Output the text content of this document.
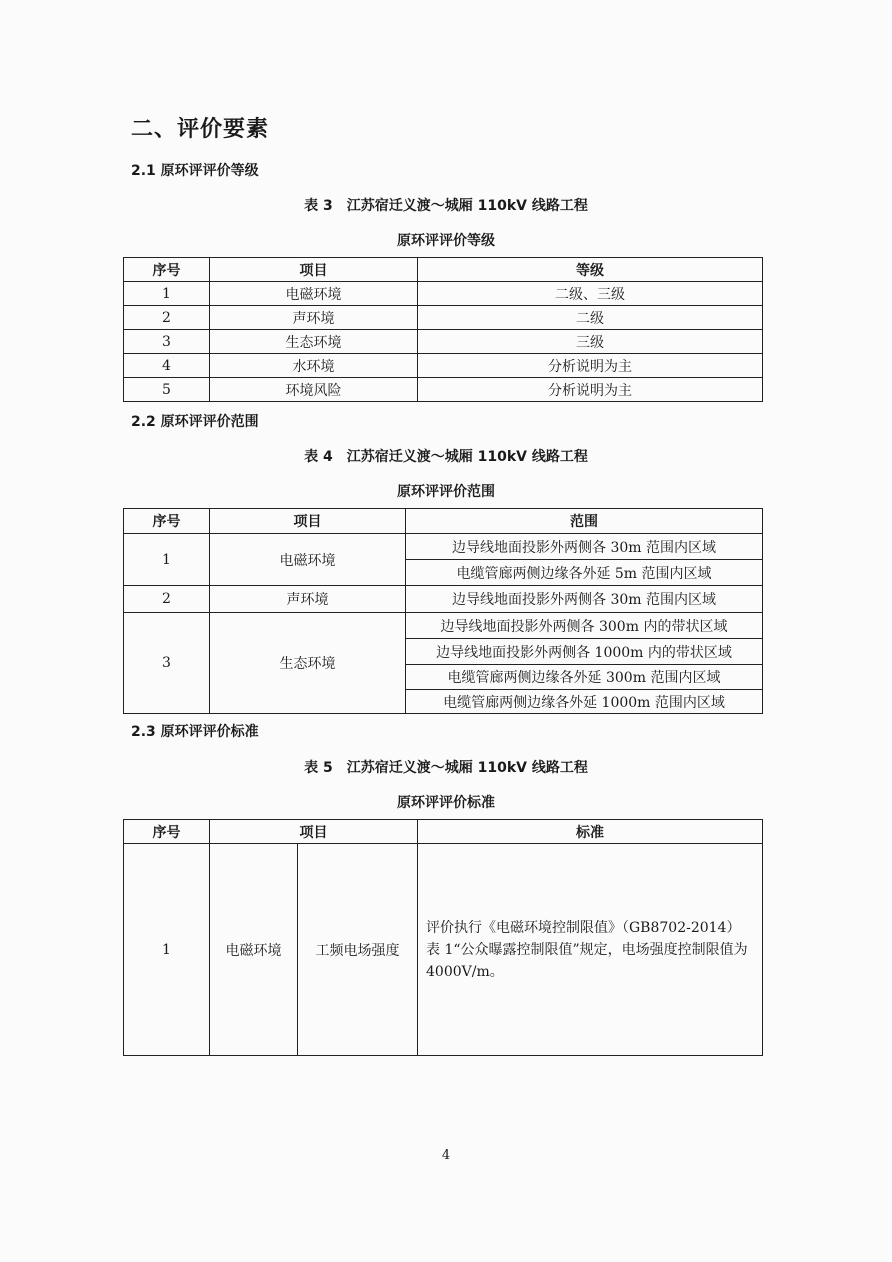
二、评价要素
2.1 原环评评价等级
表 3　江苏宿迁义渡～城厢 110kV 线路工程
原环评评价等级
序号	项目	等级
1	电磁环境	二级、三级
2	声环境	二级
3	生态环境	三级
4	水环境	分析说明为主
5	环境风险	分析说明为主
2.2 原环评评价范围
表 4　江苏宿迁义渡～城厢 110kV 线路工程
原环评评价范围
序号	项目	范围
1	电磁环境	边导线地面投影外两侧各 30m 范围内区域
		电缆管廊两侧边缘各外延 5m 范围内区域
2	声环境	边导线地面投影外两侧各 30m 范围内区域
3	生态环境	边导线地面投影外两侧各 300m 内的带状区域
		边导线地面投影外两侧各 1000m 内的带状区域
		电缆管廊两侧边缘各外延 300m 范围内区域
		电缆管廊两侧边缘各外延 1000m 范围内区域
2.3 原环评评价标准
表 5　江苏宿迁义渡～城厢 110kV 线路工程
原环评评价标准
序号	项目		标准
1	电磁环境	工频电场强度	评价执行《电磁环境控制限值》（GB8702-2014）表 1“公众曝露控制限值”规定，电场强度控制限值为 4000V/m。
4
